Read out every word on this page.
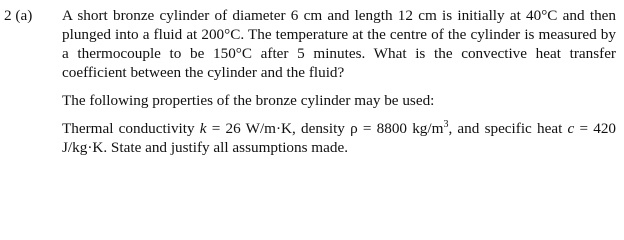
2 (a) A short bronze cylinder of diameter 6 cm and length 12 cm is initially at 40°C and then plunged into a fluid at 200°C. The temperature at the centre of the cylinder is measured by a thermocouple to be 150°C after 5 minutes. What is the convective heat transfer coefficient between the cylinder and the fluid?

The following properties of the bronze cylinder may be used:

Thermal conductivity k = 26 W/m·K, density ρ = 8800 $kg/m^3$, and specific heat c = 420 J/kg·K. State and justify all assumptions made.
